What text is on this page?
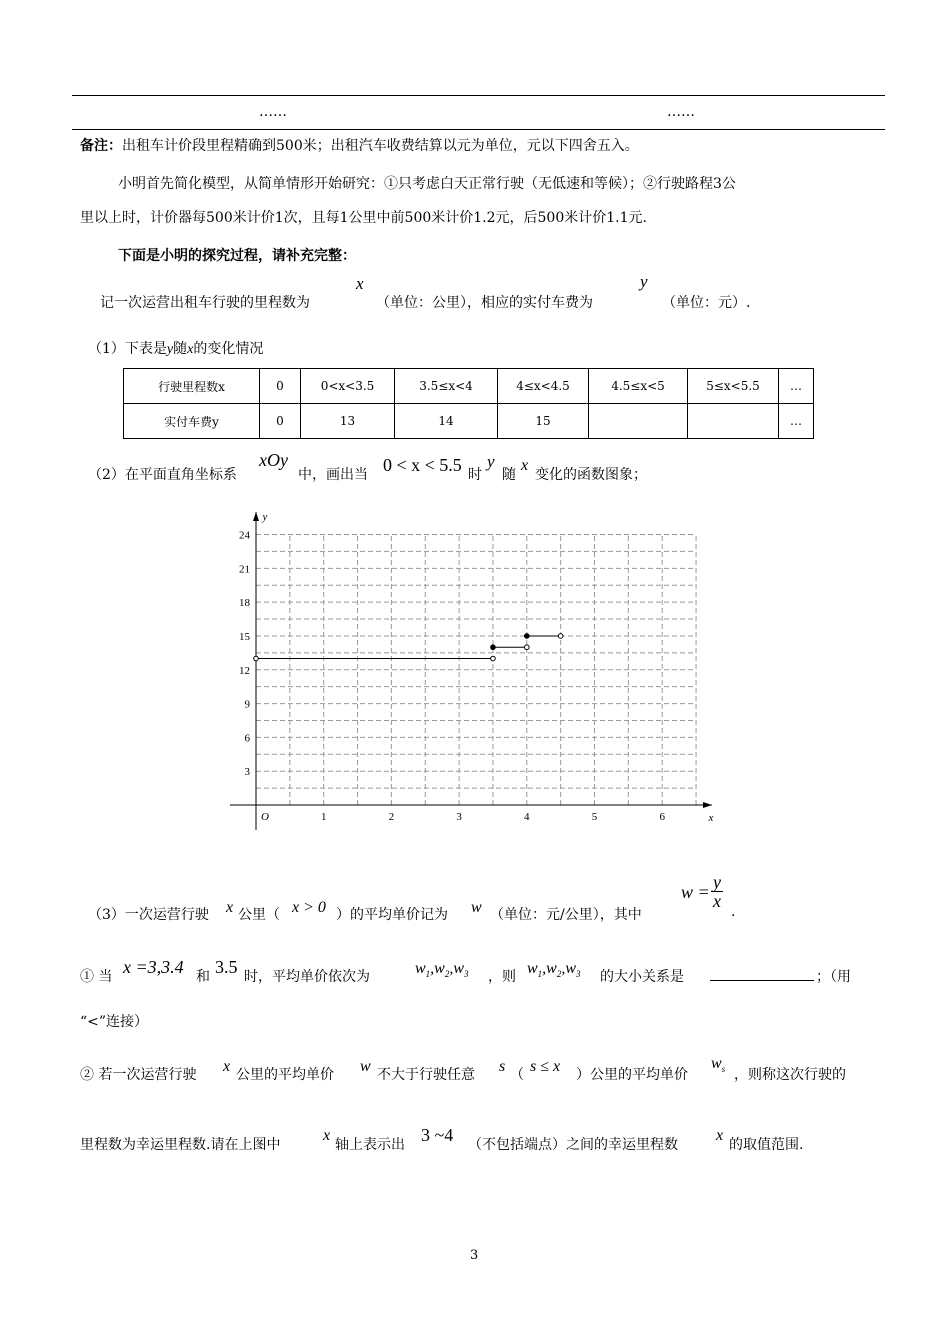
……	……
备注：出租车计价段里程精确到500米；出租汽车收费结算以元为单位，元以下四舍五入。
小明首先简化模型，从简单情形开始研究：①只考虑白天正常行驶（无低速和等候）；②行驶路程3公
里以上时，计价器每500米计价1次，且每1公里中前500米计价1.2元，后500米计价1.1元.
下面是小明的探究过程，请补充完整：
记一次运营出租车行驶的里程数为
x
（单位：公里），相应的实付车费为
y
（单位：元）.
（1）下表是y随x的变化情况
行驶里程数x	0	0<x<3.5	3.5≤x<4	4≤x<4.5	4.5≤x<5	5≤x<5.5	…
实付车费y	0	13	14	15			…
（2）在平面直角坐标系
xOy
中，画出当 0 < x < 5.5 时
y
随
x
变化的函数图象；
1	2	3	4	5	6
3
6
9
12
15
18
21
24
O	x
y
（3）一次运营行驶 x 公里（ x > 0 ）的平均单价记为 w （单位：元/公里），其中
$w = \frac{y}{x}$
.
① 当 x =3,3.4 和 3.5 时，平均单价依次为	$w_1,w_2,w_3$ ，则 $w_1,w_2,w_3$ 的大小关系是	；（用
“<”连接）
② 若一次运营行驶 x 公里的平均单价 w 不大于行驶任意 s （ s ≤ x ）公里的平均单价
$w_s$ ，则称这次行驶的
里程数为幸运里程数.请在上图中
x
轴上表示出 3 ~4 （不包括端点）之间的幸运里程数
x
的取值范围.
3
